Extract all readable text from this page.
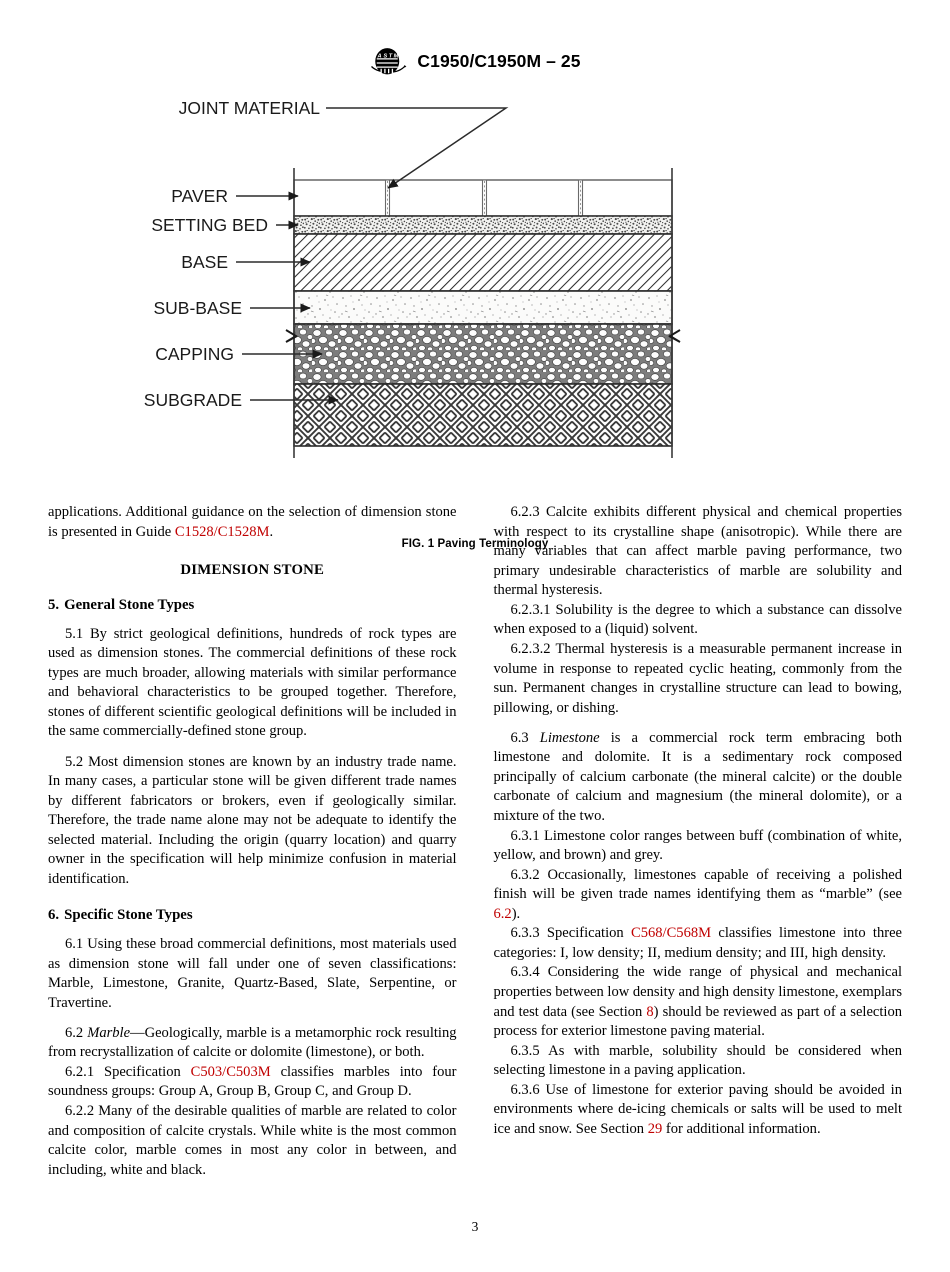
A S T M C1950/C1950M – 25
JOINT MATERIAL
PAVER
SETTING BED
BASE
SUB-BASE
CAPPING
SUBGRADE
FIG. 1 Paving Terminology

applications. Additional guidance on the selection of dimension stone is presented in Guide C1528/C1528M.

DIMENSION STONE
5. General Stone Types

5.1 By strict geological definitions, hundreds of rock types are used as dimension stones. The commercial definitions of these rock types are much broader, allowing materials with similar performance and behavioral characteristics to be grouped together. Therefore, stones of different scientific geological definitions will be included in the same commercially-defined stone group.

5.2 Most dimension stones are known by an industry trade name. In many cases, a particular stone will be given different trade names by different fabricators or brokers, even if geologically similar. Therefore, the trade name alone may not be adequate to identify the selected material. Including the origin (quarry location) and quarry owner in the specification will help minimize confusion in material identification.

6. Specific Stone Types

6.1 Using these broad commercial definitions, most materials used as dimension stone will fall under one of seven classifications: Marble, Limestone, Granite, Quartz-Based, Slate, Serpentine, or Travertine.

6.2 Marble—Geologically, marble is a metamorphic rock resulting from recrystallization of calcite or dolomite (limestone), or both.

6.2.1 Specification C503/C503M classifies marbles into four soundness groups: Group A, Group B, Group C, and Group D.

6.2.2 Many of the desirable qualities of marble are related to color and composition of calcite crystals. While white is the most common calcite color, marble comes in most any color in between, and including, white and black.

6.2.3 Calcite exhibits different physical and chemical properties with respect to its crystalline shape (anisotropic). While there are many variables that can affect marble paving performance, two primary undesirable characteristics of marble are solubility and thermal hysteresis.

6.2.3.1 Solubility is the degree to which a substance can dissolve when exposed to a (liquid) solvent.

6.2.3.2 Thermal hysteresis is a measurable permanent increase in volume in response to repeated cyclic heating, commonly from the sun. Permanent changes in crystalline structure can lead to bowing, pillowing, or dishing.

6.3 Limestone is a commercial rock term embracing both limestone and dolomite. It is a sedimentary rock composed principally of calcium carbonate (the mineral calcite) or the double carbonate of calcium and magnesium (the mineral dolomite), or a mixture of the two.

6.3.1 Limestone color ranges between buff (combination of white, yellow, and brown) and grey.

6.3.2 Occasionally, limestones capable of receiving a polished finish will be given trade names identifying them as “marble” (see 6.2).

6.3.3 Specification C568/C568M classifies limestone into three categories: I, low density; II, medium density; and III, high density.

6.3.4 Considering the wide range of physical and mechanical properties between low density and high density limestone, exemplars and test data (see Section 8) should be reviewed as part of a selection process for exterior limestone paving material.

6.3.5 As with marble, solubility should be considered when selecting limestone in a paving application.

6.3.6 Use of limestone for exterior paving should be avoided in environments where de-icing chemicals or salts will be used to melt ice and snow. See Section 29 for additional information.

3
